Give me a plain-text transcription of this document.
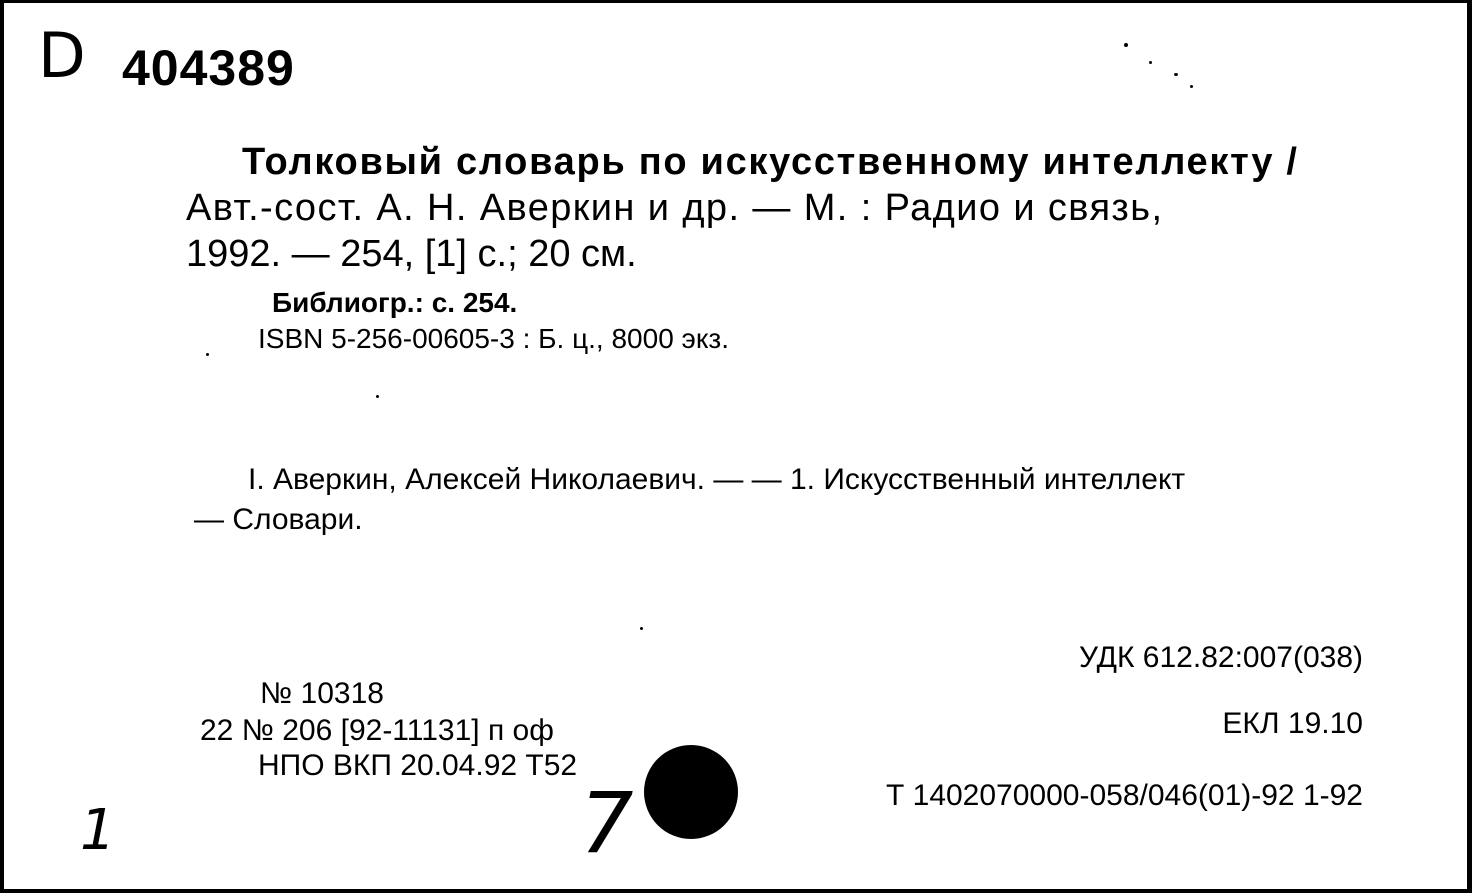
D 404389
Толковый словарь по искусственному интеллекту /
Авт.-сост. А. Н. Аверкин и др. — М. : Радио и связь,
1992. — 254, [1] с.; 20 см.
Библиогр.: с. 254.
ISBN 5-256-00605-3 : Б. ц., 8000 экз.
I. Аверкин, Алексей Николаевич. — — 1. Искусственный интеллект
— Словари.
УДК 612.82:007(038)
ЕКЛ 19.10
Т 1402070000-058/046(01)-92 1-92
№ 10318
22 № 206 [92-11131] п оф
НПО ВКП 20.04.92 Т52
1	7
